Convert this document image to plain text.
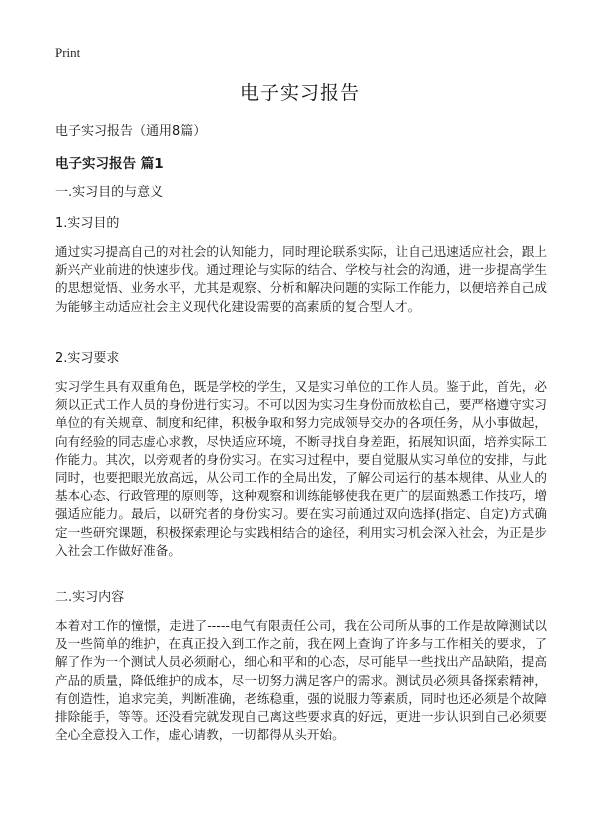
Print
电子实习报告

电子实习报告（通用8篇）

电子实习报告 篇1

一.实习目的与意义

1.实习目的

通过实习提高自己的对社会的认知能力，同时理论联系实际，让自己迅速适应社会，跟上新兴产业前进的快速步伐。通过理论与实际的结合、学校与社会的沟通，进一步提高学生的思想觉悟、业务水平，尤其是观察、分析和解决问题的实际工作能力，以便培养自己成为能够主动适应社会主义现代化建设需要的高素质的复合型人才。

2.实习要求

实习学生具有双重角色，既是学校的学生，又是实习单位的工作人员。鉴于此，首先，必须以正式工作人员的身份进行实习。不可以因为实习生身份而放松自己，要严格遵守实习单位的有关规章、制度和纪律，积极争取和努力完成领导交办的各项任务，从小事做起，向有经验的同志虚心求教，尽快适应环境，不断寻找自身差距，拓展知识面，培养实际工作能力。其次，以旁观者的身份实习。在实习过程中，要自觉服从实习单位的安排，与此同时，也要把眼光放高远，从公司工作的全局出发，了解公司运行的基本规律、从业人的基本心态、行政管理的原则等，这种观察和训练能够使我在更广的层面熟悉工作技巧，增强适应能力。最后，以研究者的身份实习。要在实习前通过双向选择(指定、自定)方式确定一些研究课题，积极探索理论与实践相结合的途径，利用实习机会深入社会，为正是步入社会工作做好准备。

二.实习内容

本着对工作的憧憬，走进了-----电气有限责任公司，我在公司所从事的工作是故障测试以及一些简单的维护，在真正投入到工作之前，我在网上查询了许多与工作相关的要求，了解了作为一个测试人员必须耐心，细心和平和的心态，尽可能早一些找出产品缺陷，提高产品的质量，降低维护的成本，尽一切努力满足客户的需求。测试员必须具备探索精神，有创造性，追求完美，判断准确，老练稳重，强的说服力等素质，同时也还必须是个故障排除能手，等等。还没看完就发现自己离这些要求真的好远，更进一步认识到自己必须要全心全意投入工作，虚心请教，一切都得从头开始。
